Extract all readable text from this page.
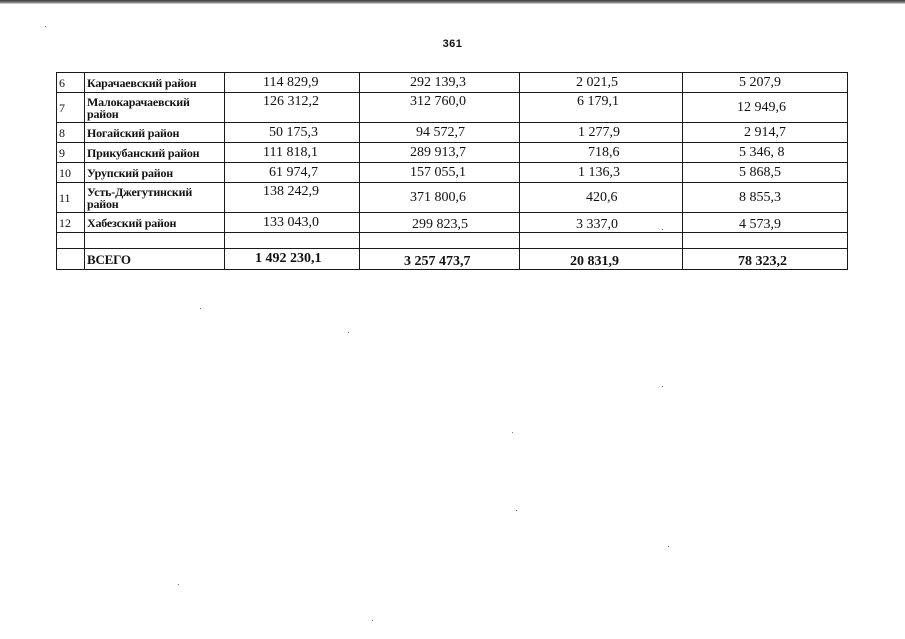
361
6	Карачаевский район	114 829,9	292 139,3	2 021,5	5 207,9
7	Малокарачаевский район	126 312,2	312 760,0	6 179,1	12 949,6
8	Ногайский район	50 175,3	94 572,7	1 277,9	2 914,7
9	Прикубанский район	111 818,1	289 913,7	718,6	5 346, 8
10	Урупский район	61 974,7	157 055,1	1 136,3	5 868,5
11	Усть-Джегутинский район	138 242,9	371 800,6	420,6	8 855,3
12	Хабезский район	133 043,0	299 823,5	3 337,0	4 573,9

	ВСЕГО	1 492 230,1	3 257 473,7	20 831,9	78 323,2
